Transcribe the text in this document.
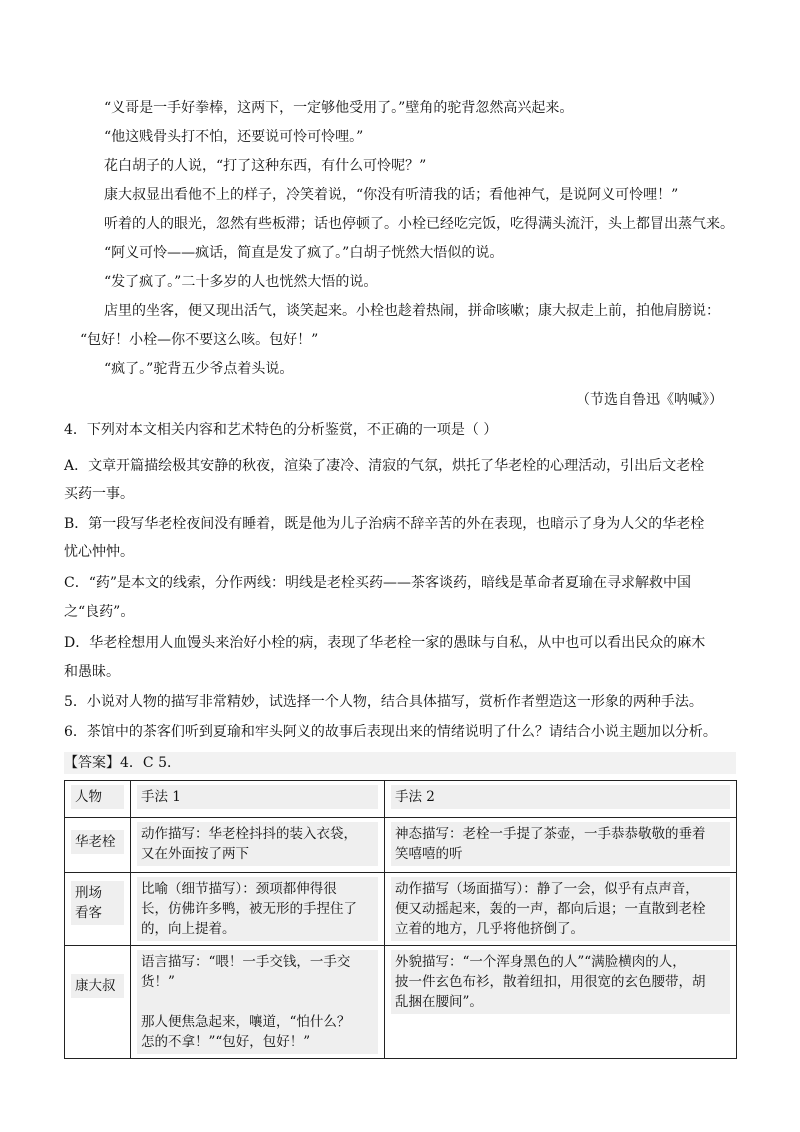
“义哥是一手好拳棒，这两下，一定够他受用了。”壁角的驼背忽然高兴起来。
“他这贱骨头打不怕，还要说可怜可怜哩。”
花白胡子的人说，“打了这种东西，有什么可怜呢？”
康大叔显出看他不上的样子，冷笑着说，“你没有听清我的话；看他神气，是说阿义可怜哩！”
听着的人的眼光，忽然有些板滞；话也停顿了。小栓已经吃完饭，吃得满头流汗，头上都冒出蒸气来。
“阿义可怜——疯话，简直是发了疯了。”白胡子恍然大悟似的说。
“发了疯了。”二十多岁的人也恍然大悟的说。
店里的坐客，便又现出活气，谈笑起来。小栓也趁着热闹，拼命咳嗽；康大叔走上前，拍他肩膀说：
“包好！小栓—你不要这么咳。包好！”
“疯了。”驼背五少爷点着头说。
（节选自鲁迅《呐喊》）
4．下列对本文相关内容和艺术特色的分析鉴赏，不正确的一项是（ ）
A．文章开篇描绘极其安静的秋夜，渲染了凄冷、清寂的气氛，烘托了华老栓的心理活动，引出后文老栓
买药一事。
B．第一段写华老栓夜间没有睡着，既是他为儿子治病不辞辛苦的外在表现，也暗示了身为人父的华老栓
忧心忡忡。
C．“药”是本文的线索，分作两线：明线是老栓买药——茶客谈药，暗线是革命者夏瑜在寻求解救中国
之“良药”。
D．华老栓想用人血馒头来治好小栓的病，表现了华老栓一家的愚昧与自私，从中也可以看出民众的麻木
和愚昧。
5．小说对人物的描写非常精妙，试选择一个人物，结合具体描写，赏析作者塑造这一形象的两种手法。
6．茶馆中的茶客们听到夏瑜和牢头阿义的故事后表现出来的情绪说明了什么？请结合小说主题加以分析。
【答案】4．C 5．
人物	手法 1	手法 2

华老栓	动作描写：华老栓抖抖的装入衣袋，
又在外面按了两下	神态描写：老栓一手提了茶壶，一手恭恭敬敬的垂着
笑嘻嘻的听

刑场
看客	比喻（细节描写）：颈项都伸得很
长，仿佛许多鸭，被无形的手捏住了
的，向上提着。	动作描写（场面描写）：静了一会，似乎有点声音，
便又动摇起来，轰的一声，都向后退；一直散到老栓
立着的地方，几乎将他挤倒了。

康大叔	语言描写：“喂！一手交钱，一手交
货！”

那人便焦急起来，嚷道，“怕什么？
怎的不拿！”“包好，包好！”	外貌描写：“一个浑身黑色的人”“满脸横肉的人，
披一件玄色布衫，散着纽扣，用很宽的玄色腰带，胡
乱捆在腰间”。
